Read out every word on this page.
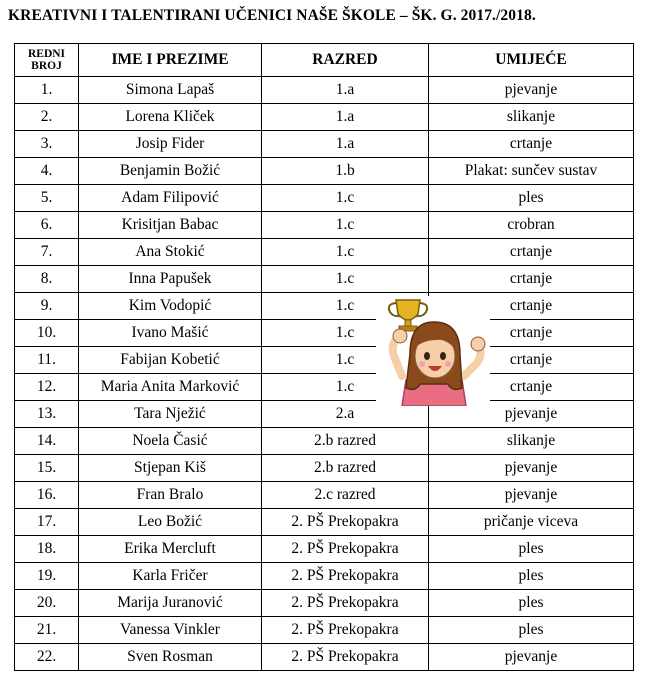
KREATIVNI I TALENTIRANI UČENICI NAŠE ŠKOLE – ŠK. G. 2017./2018.
REDNI
BROJ	IME I PREZIME	RAZRED	UMIJEĆE
1.	Simona Lapaš	1.a	pjevanje
2.	Lorena Kliček	1.a	slikanje
3.	Josip Fider	1.a	crtanje
4.	Benjamin Božić	1.b	Plakat: sunčev sustav
5.	Adam Filipović	1.c	ples
6.	Krisitjan Babac	1.c	crobran
7.	Ana Stokić	1.c	crtanje
8.	Inna Papušek	1.c	crtanje
9.	Kim Vodopić	1.c	crtanje
10.	Ivano Mašić	1.c	crtanje
11.	Fabijan Kobetić	1.c	crtanje
12.	Maria Anita Marković	1.c	crtanje
13.	Tara Nježić	2.a	pjevanje
14.	Noela Časić	2.b razred	slikanje
15.	Stjepan Kiš	2.b razred	pjevanje
16.	Fran Bralo	2.c razred	pjevanje
17.	Leo Božić	2. PŠ Prekopakra	pričanje viceva
18.	Erika Mercluft	2. PŠ Prekopakra	ples
19.	Karla Fričer	2. PŠ Prekopakra	ples
20.	Marija Juranović	2. PŠ Prekopakra	ples
21.	Vanessa Vinkler	2. PŠ Prekopakra	ples
22.	Sven Rosman	2. PŠ Prekopakra	pjevanje
